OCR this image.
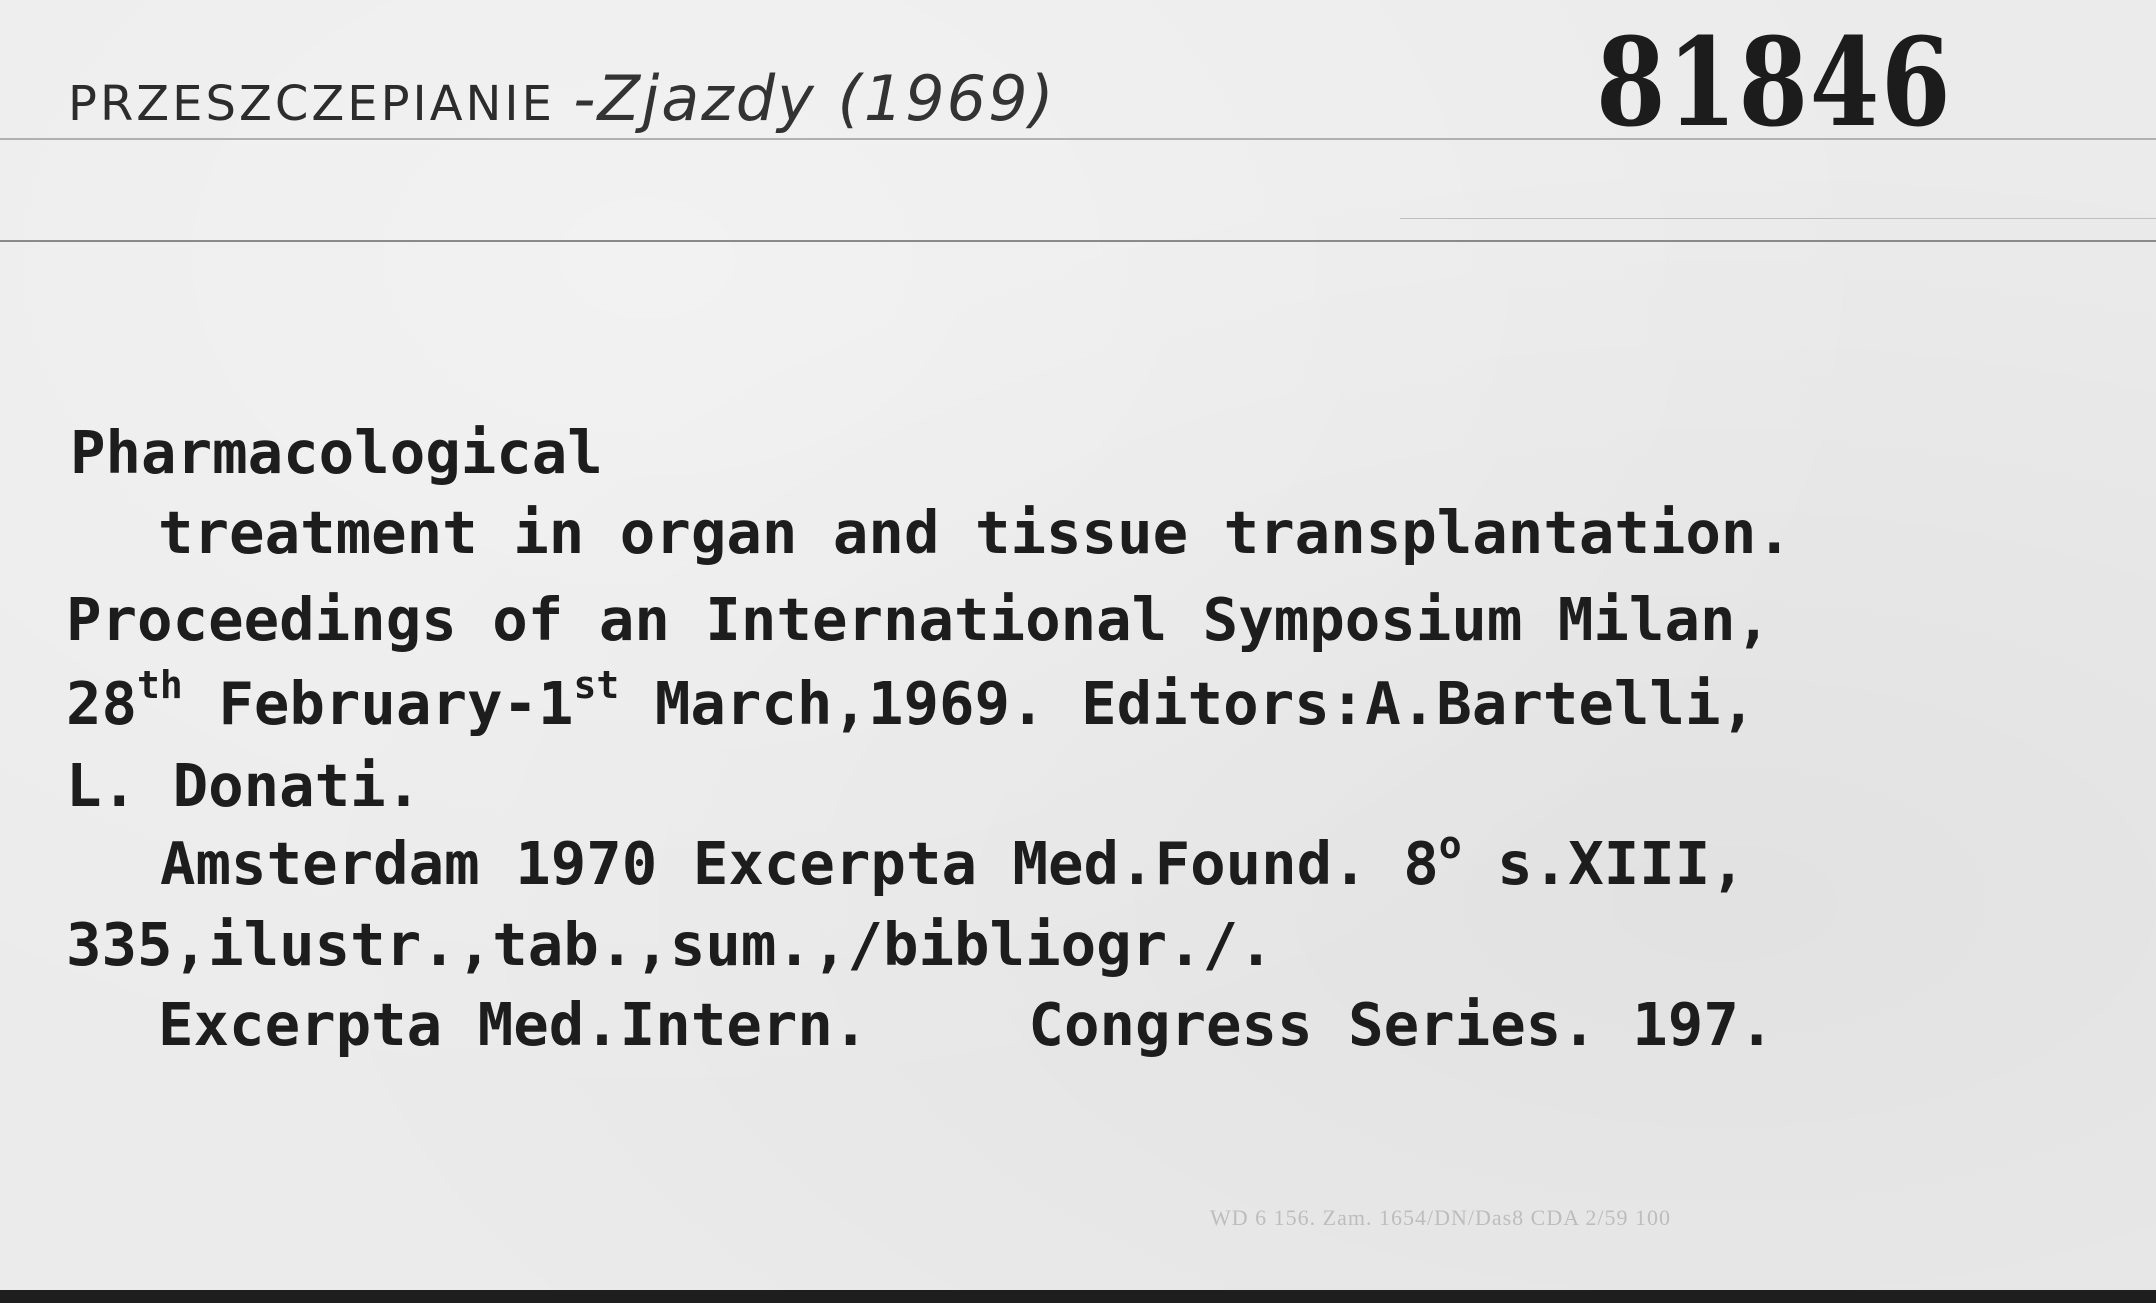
PRZESZCZEPIANIE -Zjazdy (1969)	81846
Pharmacological
treatment in organ and tissue transplantation.
Proceedings of an International Symposium Milan,
28th February-1st March,1969. Editors:A.Bartelli,
L. Donati.
Amsterdam 1970 Excerpta Med.Found. 8$^o$ s.XIII,
335,ilustr.,tab.,sum.,/bibliogr./.
Excerpta Med.Intern.	Congress Series. 197.
WD 6 156. Zam. 1654/DN/Das8 CDA 2/59 100
